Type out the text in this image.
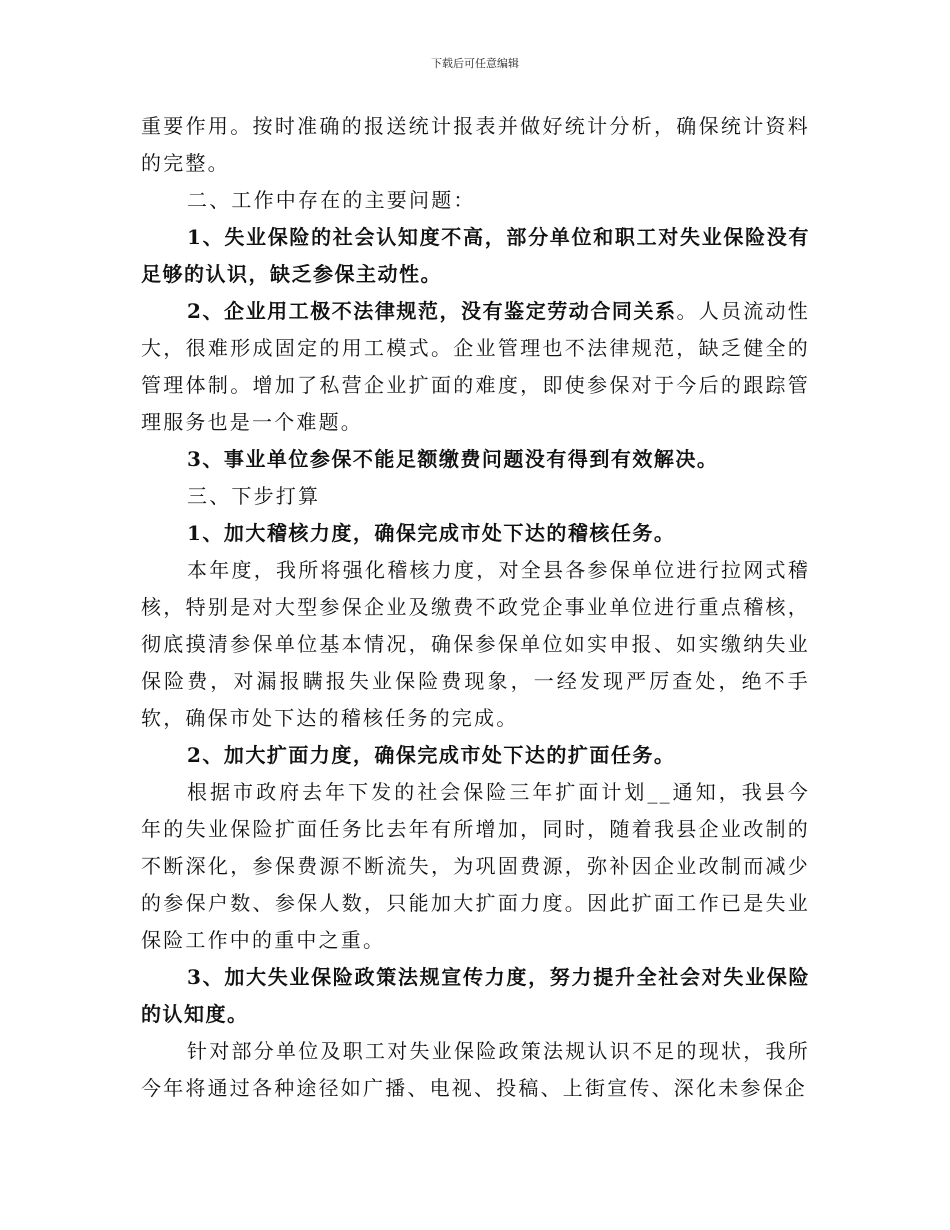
下载后可任意编辑

重要作用。按时准确的报送统计报表并做好统计分析，确保统计资料的完整。

二、工作中存在的主要问题：

1、失业保险的社会认知度不高，部分单位和职工对失业保险没有足够的认识，缺乏参保主动性。

2、企业用工极不法律规范，没有鉴定劳动合同关系。人员流动性大，很难形成固定的用工模式。企业管理也不法律规范，缺乏健全的管理体制。增加了私营企业扩面的难度，即使参保对于今后的跟踪管理服务也是一个难题。

3、事业单位参保不能足额缴费问题没有得到有效解决。

三、下步打算

1、加大稽核力度，确保完成市处下达的稽核任务。

本年度，我所将强化稽核力度，对全县各参保单位进行拉网式稽核，特别是对大型参保企业及缴费不政党企事业单位进行重点稽核，彻底摸清参保单位基本情况，确保参保单位如实申报、如实缴纳失业保险费，对漏报瞒报失业保险费现象，一经发现严厉查处，绝不手软，确保市处下达的稽核任务的完成。

2、加大扩面力度，确保完成市处下达的扩面任务。

根据市政府去年下发的社会保险三年扩面计划__通知，我县今年的失业保险扩面任务比去年有所增加，同时，随着我县企业改制的不断深化，参保费源不断流失，为巩固费源，弥补因企业改制而减少的参保户数、参保人数，只能加大扩面力度。因此扩面工作已是失业保险工作中的重中之重。

3、加大失业保险政策法规宣传力度，努力提升全社会对失业保险的认知度。

针对部分单位及职工对失业保险政策法规认识不足的现状，我所今年将通过各种途径如广播、电视、投稿、上街宣传、深化未参保企
